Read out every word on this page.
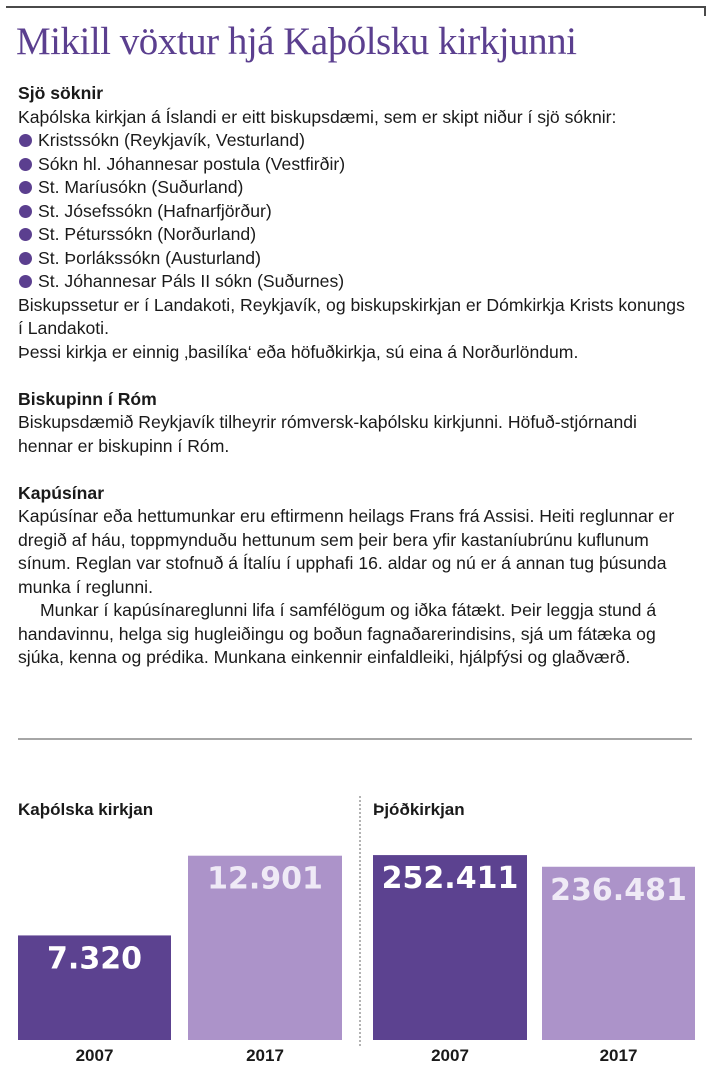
Mikill vöxtur hjá Kaþólsku kirkjunni

Sjö söknir

Kaþólska kirkjan á Íslandi er eitt biskupsdæmi, sem er skipt niður í sjö sóknir:

Kristssókn (Reykjavík, Vesturland)
Sókn hl. Jóhannesar postula (Vestfirðir)
St. Maríusókn (Suðurland)
St. Jósefssókn (Hafnarfjörður)
St. Péturssókn (Norðurland)
St. Þorlákssókn (Austurland)
St. Jóhannesar Páls II sókn (Suðurnes)

Biskupssetur er í Landakoti, Reykjavík, og biskupskirkjan er Dómkirkja Krists konungs í Landakoti.

Þessi kirkja er einnig ‚basilíka‘ eða höfuðkirkja, sú eina á Norðurlöndum.

Biskupinn í Róm

Biskupsdæmið Reykjavík tilheyrir rómversk-kaþólsku kirkjunni. Höfuð-stjórnandi hennar er biskupinn í Róm.

Kapúsínar

Kapúsínar eða hettumunkar eru eftirmenn heilags Frans frá Assisi. Heiti reglunnar er dregið af háu, toppmynduðu hettunum sem þeir bera yfir kastaníubrúnu kuflunum sínum. Reglan var stofnuð á Ítalíu í upphafi 16. aldar og nú er á annan tug þúsunda munka í reglunni.

Munkar í kapúsínareglunni lifa í samfélögum og iðka fátækt. Þeir leggja stund á handavinnu, helga sig hugleiðingu og boðun fagnaðarerindisins, sjá um fátæka og sjúka, kenna og prédika. Munkana einkennir einfaldleiki, hjálpfýsi og glaðværð.

Kaþólska kirkjan	Þjóðkirkjan
7.320
2007
12.901
2017
252.411
2007
236.481
2017
